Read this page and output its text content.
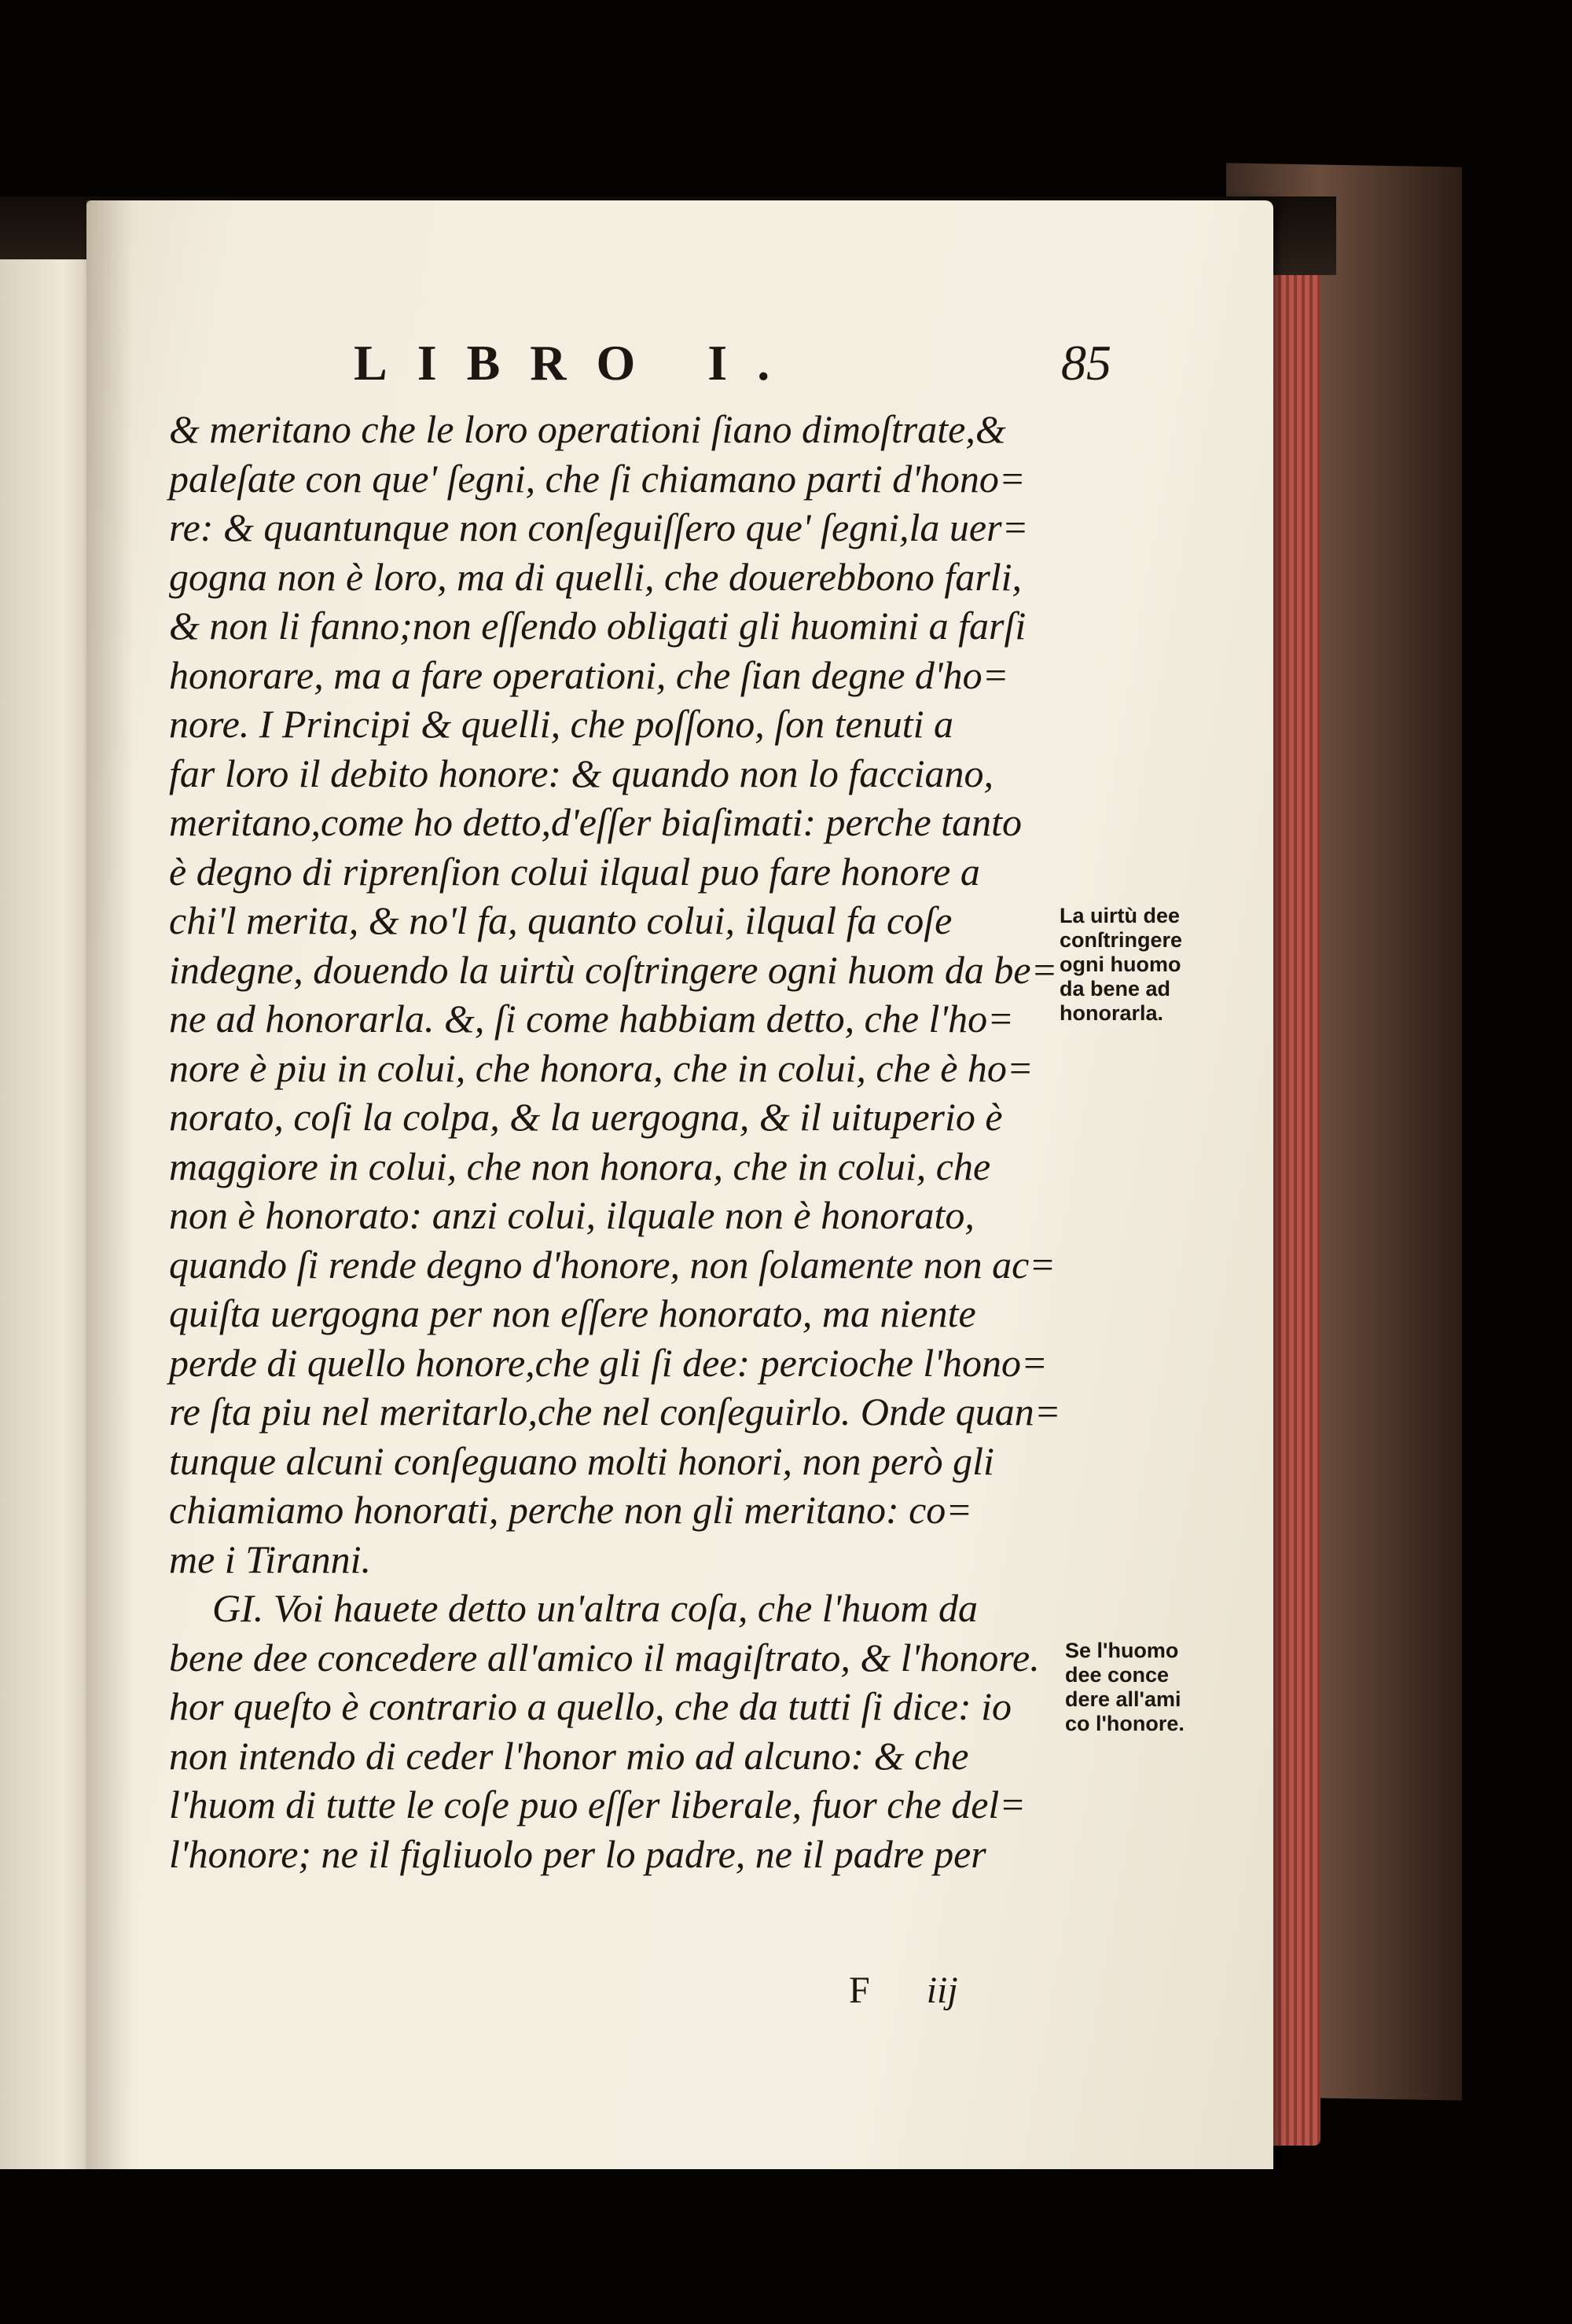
LIBRO I.	85
& meritano che le loro operationi ſiano dimoſtrate,&
paleſate con que' ſegni, che ſi chiamano parti d'hono=
re: & quantunque non conſeguiſſero que' ſegni,la uer=
gogna non è loro, ma di quelli, che douerebbono farli,
& non li fanno;non eſſendo obligati gli huomini a farſi
honorare, ma a fare operationi, che ſian degne d'ho=
nore. I Principi & quelli, che poſſono, ſon tenuti a
far loro il debito honore: & quando non lo facciano,
meritano,come ho detto,d'eſſer biaſimati: perche tanto
è degno di riprenſion colui ilqual puo fare honore a
chi'l merita, & no'l fa, quanto colui, ilqual fa coſe
indegne, douendo la uirtù coſtringere ogni huom da be=
ne ad honorarla. &, ſi come habbiam detto, che l'ho=
nore è piu in colui, che honora, che in colui, che è ho=
norato, coſi la colpa, & la uergogna, & il uituperio è
maggiore in colui, che non honora, che in colui, che
non è honorato: anzi colui, ilquale non è honorato,
quando ſi rende degno d'honore, non ſolamente non ac=
quiſta uergogna per non eſſere honorato, ma niente
perde di quello honore,che gli ſi dee: percioche l'hono=
re ſta piu nel meritarlo,che nel conſeguirlo. Onde quan=
tunque alcuni conſeguano molti honori, non però gli
chiamiamo honorati, perche non gli meritano: co=
me i Tiranni.
GI. Voi hauete detto un'altra coſa, che l'huom da
bene dee concedere all'amico il magiſtrato, & l'honore.
hor queſto è contrario a quello, che da tutti ſi dice: io
non intendo di ceder l'honor mio ad alcuno: & che
l'huom di tutte le coſe puo eſſer liberale, fuor che del=
l'honore; ne il figliuolo per lo padre, ne il padre per
La uirtù dee
conſtringere
ogni huomo
da bene ad
honorarla.
Se l'huomo
dee conce
dere all'ami
co l'honore.
F iij
